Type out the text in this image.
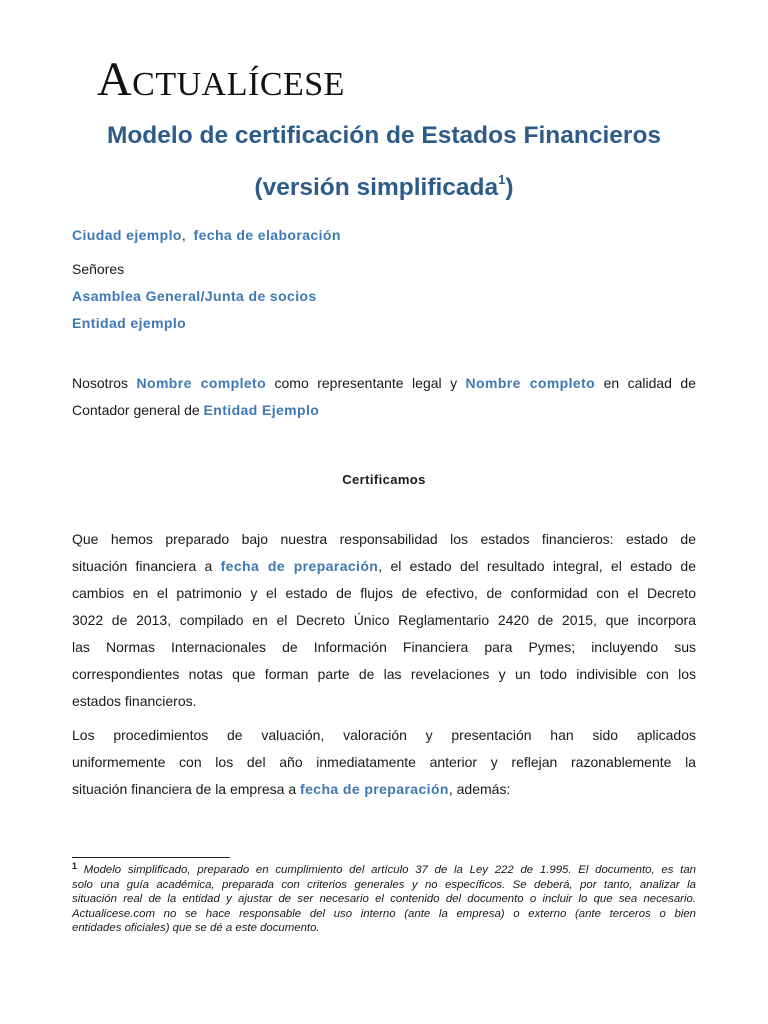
ACTUALÍCESE
Modelo de certificación de Estados Financieros
(versión simplificada$^1$)
Ciudad ejemplo, fecha de elaboración
Señores
Asamblea General/Junta de socios
Entidad ejemplo

Nosotros Nombre completo como representante legal y Nombre completo en calidad de

Contador general de Entidad Ejemplo

Certificamos

Que hemos preparado bajo nuestra responsabilidad los estados financieros: estado de

situación financiera a fecha de preparación, el estado del resultado integral, el estado de

cambios en el patrimonio y el estado de flujos de efectivo, de conformidad con el Decreto

3022 de 2013, compilado en el Decreto Único Reglamentario 2420 de 2015, que incorpora

las Normas Internacionales de Información Financiera para Pymes; incluyendo sus

correspondientes notas que forman parte de las revelaciones y un todo indivisible con los

estados financieros.

Los procedimientos de valuación, valoración y presentación han sido aplicados

uniformemente con los del año inmediatamente anterior y reflejan razonablemente la

situación financiera de la empresa a fecha de preparación, además:

$^1$ Modelo simplificado, preparado en cumplimiento del artículo 37 de la Ley 222 de 1.995. El documento, es tan

solo una guía académica, preparada con criterios generales y no específicos. Se deberá, por tanto, analizar la

situación real de la entidad y ajustar de ser necesario el contenido del documento o incluir lo que sea necesario.

Actualicese.com no se hace responsable del uso interno (ante la empresa) o externo (ante terceros o bien

entidades oficiales) que se dé a este documento.
